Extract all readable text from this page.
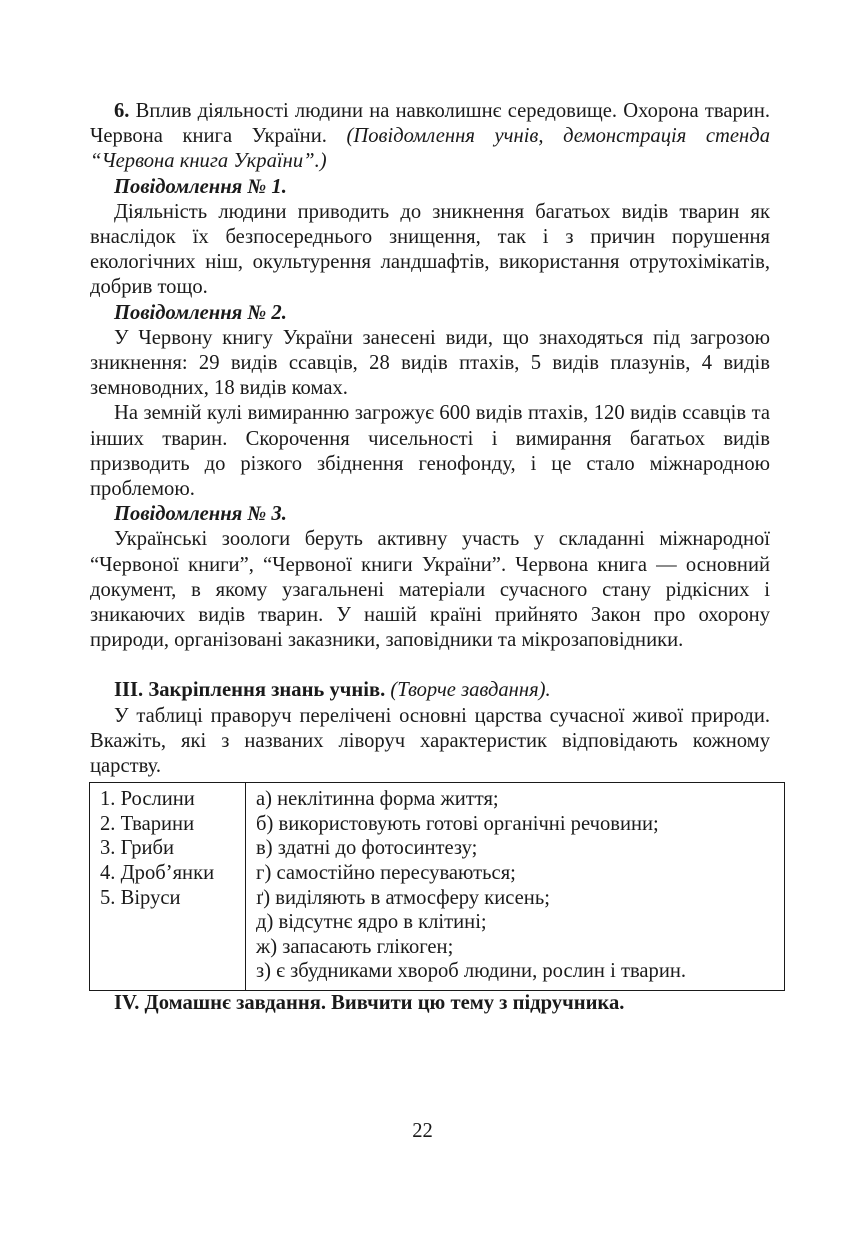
6. Вплив діяльності людини на навколишнє середовище. Охорона тварин. Червона книга України. (Повідомлення учнів, демонстрація стенда “Червона книга України”.)

Повідомлення № 1.

Діяльність людини приводить до зникнення багатьох видів тварин як внаслідок їх безпосереднього знищення, так і з причин порушення екологічних ніш, окультурення ландшафтів, використання отрутохімікатів, добрив тощо.

Повідомлення № 2.

У Червону книгу України занесені види, що знаходяться під загрозою зникнення: 29 видів ссавців, 28 видів птахів, 5 видів плазунів, 4 видів земноводних, 18 видів комах.

На земній кулі вимиранню загрожує 600 видів птахів, 120 видів ссавців та інших тварин. Скорочення чисельності і вимирання багатьох видів призводить до різкого збіднення генофонду, і це стало міжнародною проблемою.

Повідомлення № 3.

Українські зоологи беруть активну участь у складанні міжнародної “Червоної книги”, “Червоної книги України”. Червона книга — основний документ, в якому узагальнені матеріали сучасного стану рідкісних і зникаючих видів тварин. У нашій країні прийнято Закон про охорону природи, організовані заказники, заповідники та мікрозаповідники.

ІІІ. Закріплення знань учнів. (Творче завдання).

У таблиці праворуч перелічені основні царства сучасної живої природи. Вкажіть, які з названих ліворуч характеристик відповідають кожному царству.

1. Рослини
2. Тварини
3. Гриби
4. Дроб’янки
5. Віруси

а) неклітинна форма життя;
б) використовують готові органічні речовини;
в) здатні до фотосинтезу;
г) самостійно пересуваються;
ґ) виділяють в атмосферу кисень;
д) відсутнє ядро в клітині;
ж) запасають глікоген;
з) є збудниками хвороб людини, рослин і тварин.

IV. Домашнє завдання. Вивчити цю тему з підручника.

22
